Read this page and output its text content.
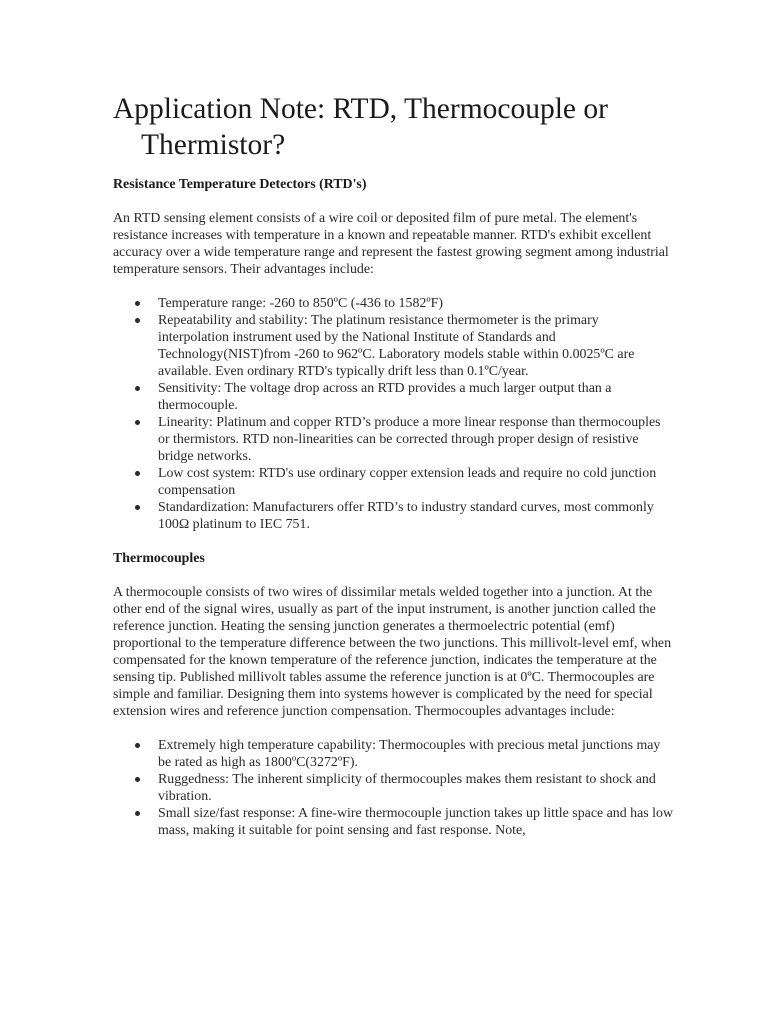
Application Note: RTD, Thermocouple or
Thermistor?
Resistance Temperature Detectors (RTD's)

An RTD sensing element consists of a wire coil or deposited film of pure metal. The element's resistance increases with temperature in a known and repeatable manner. RTD's exhibit excellent accuracy over a wide temperature range and represent the fastest growing segment among industrial temperature sensors. Their advantages include:

Temperature range: -260 to 850ºC (-436 to 1582ºF)
Repeatability and stability: The platinum resistance thermometer is the primary interpolation instrument used by the National Institute of Standards and Technology(NIST)from -260 to 962ºC. Laboratory models stable within 0.0025ºC are available. Even ordinary RTD's typically drift less than 0.1ºC/year.
Sensitivity: The voltage drop across an RTD provides a much larger output than a thermocouple.
Linearity: Platinum and copper RTD’s produce a more linear response than thermocouples or thermistors. RTD non-linearities can be corrected through proper design of resistive bridge networks.
Low cost system: RTD's use ordinary copper extension leads and require no cold junction compensation
Standardization: Manufacturers offer RTD’s to industry standard curves, most commonly 100Ω platinum to IEC 751.
Thermocouples

A thermocouple consists of two wires of dissimilar metals welded together into a junction. At the other end of the signal wires, usually as part of the input instrument, is another junction called the reference junction. Heating the sensing junction generates a thermoelectric potential (emf) proportional to the temperature difference between the two junctions. This millivolt-level emf, when compensated for the known temperature of the reference junction, indicates the temperature at the sensing tip. Published millivolt tables assume the reference junction is at 0ºC. Thermocouples are simple and familiar. Designing them into systems however is complicated by the need for special extension wires and reference junction compensation. Thermocouples advantages include:

Extremely high temperature capability: Thermocouples with precious metal junctions may be rated as high as 1800ºC(3272ºF).
Ruggedness: The inherent simplicity of thermocouples makes them resistant to shock and vibration.
Small size/fast response: A fine-wire thermocouple junction takes up little space and has low mass, making it suitable for point sensing and fast response. Note,
